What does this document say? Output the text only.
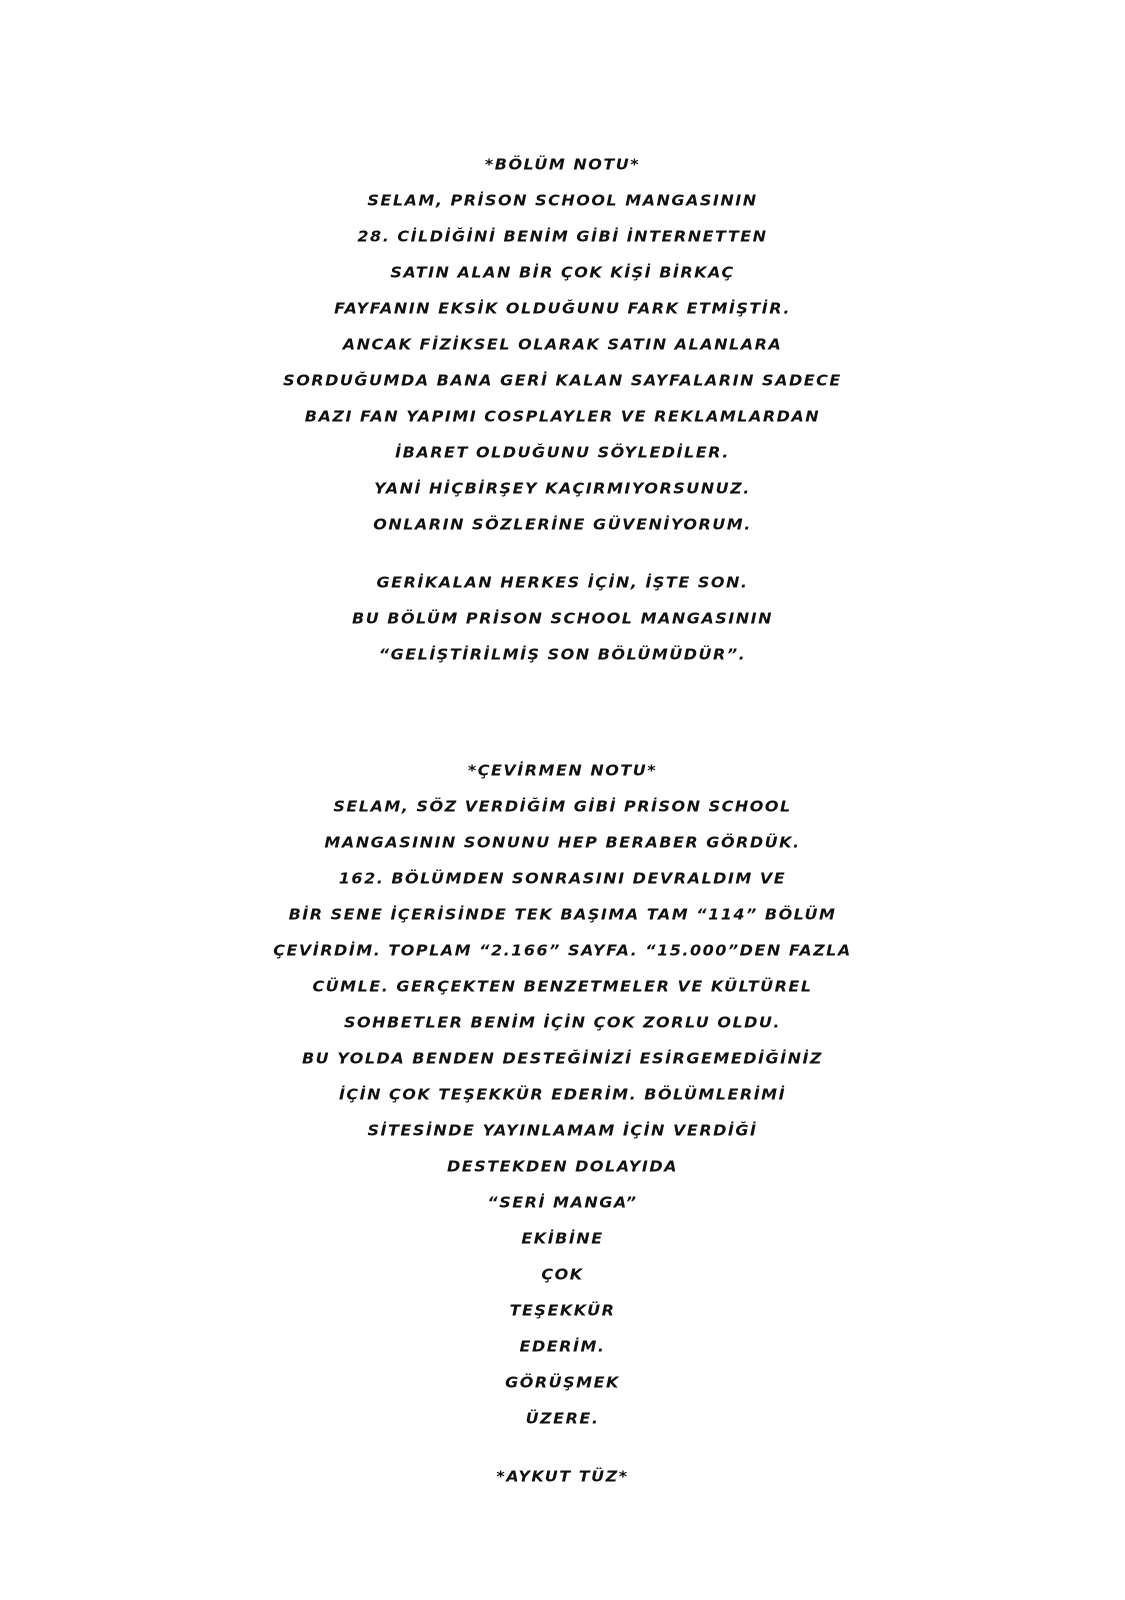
*BÖLÜM NOTU*
SELAM, PRİSON SCHOOL MANGASININ
28. CİLDİĞİNİ BENİM GİBİ İNTERNETTEN
SATIN ALAN BİR ÇOK KİŞİ BİRKAÇ
FAYFANIN EKSİK OLDUĞUNU FARK ETMİŞTİR.
ANCAK FİZİKSEL OLARAK SATIN ALANLARA
SORDUĞUMDA BANA GERİ KALAN SAYFALARIN SADECE
BAZI FAN YAPIMI COSPLAYLER VE REKLAMLARDAN
İBARET OLDUĞUNU SÖYLEDİLER.
YANİ HİÇBİRŞEY KAÇIRMIYORSUNUZ.
ONLARIN SÖZLERİNE GÜVENİYORUM.
GERİKALAN HERKES İÇİN, İŞTE SON.
BU BÖLÜM PRİSON SCHOOL MANGASININ
“GELİŞTİRİLMİŞ SON BÖLÜMÜDÜR”.
*ÇEVİRMEN NOTU*
SELAM, SÖZ VERDİĞİM GİBİ PRİSON SCHOOL
MANGASININ SONUNU HEP BERABER GÖRDÜK.
162. BÖLÜMDEN SONRASINI DEVRALDIM VE
BİR SENE İÇERİSİNDE TEK BAŞIMA TAM “114” BÖLÜM
ÇEVİRDİM. TOPLAM “2.166” SAYFA. “15.000”DEN FAZLA
CÜMLE. GERÇEKTEN BENZETMELER VE KÜLTÜREL
SOHBETLER BENİM İÇİN ÇOK ZORLU OLDU.
BU YOLDA BENDEN DESTEĞİNİZİ ESİRGEMEDİĞİNİZ
İÇİN ÇOK TEŞEKKÜR EDERİM. BÖLÜMLERİMİ
SİTESİNDE YAYINLAMAM İÇİN VERDİĞİ
DESTEKDEN DOLAYIDA
“SERİ MANGA”
EKİBİNE
ÇOK
TEŞEKKÜR
EDERİM.
GÖRÜŞMEK
ÜZERE.
*AYKUT TÜZ*
